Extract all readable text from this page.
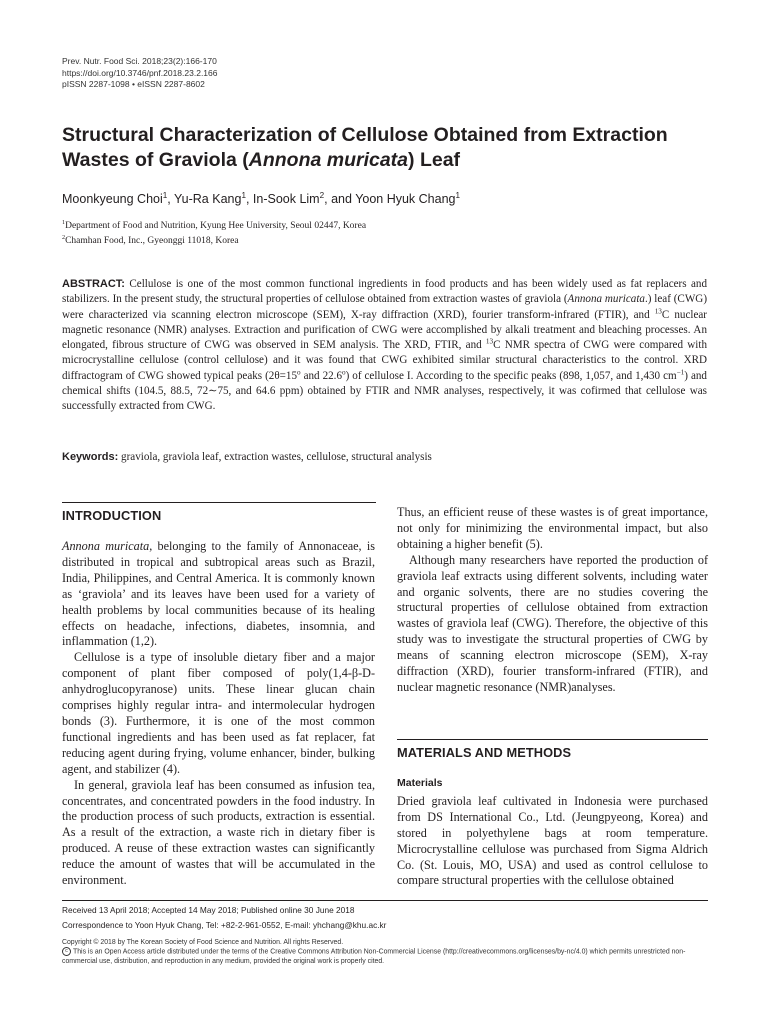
Prev. Nutr. Food Sci. 2018;23(2):166-170
https://doi.org/10.3746/pnf.2018.23.2.166
pISSN 2287-1098 • eISSN 2287-8602
Structural Characterization of Cellulose Obtained from Extraction
Wastes of Graviola (Annona muricata) Leaf
Moonkyeung Choi$^1$, Yu-Ra Kang$^1$, In-Sook Lim$^2$, and Yoon Hyuk Chang$^1$
$^1$Department of Food and Nutrition, Kyung Hee University, Seoul 02447, Korea
$^2$Chamhan Food, Inc., Gyeonggi 11018, Korea
ABSTRACT: Cellulose is one of the most common functional ingredients in food products and has been widely used as fat replacers and stabilizers. In the present study, the structural properties of cellulose obtained from extraction wastes of graviola (Annona muricata.) leaf (CWG) were characterized via scanning electron microscope (SEM), X-ray diffraction (XRD), fourier transform-infrared (FTIR), and $^{13}$C nuclear magnetic resonance (NMR) analyses. Extraction and purification of CWG were accomplished by alkali treatment and bleaching processes. An elongated, fibrous structure of CWG was observed in SEM analysis. The XRD, FTIR, and $^{13}$C NMR spectra of CWG were compared with microcrystalline cellulose (control cellulose) and it was found that CWG exhibited similar structural characteristics to the control. XRD diffractogram of CWG showed typical peaks ($2\theta=15^o$ and 22.6$^o$) of cellulose I. According to the specific peaks (898, 1,057, and 1,430 $cm^{-1}$) and chemical shifts (104.5, 88.5, 72∼75, and 64.6 ppm) obtained by FTIR and NMR analyses, respectively, it was cofirmed that cellulose was successfully extracted from CWG.
Keywords: graviola, graviola leaf, extraction wastes, cellulose, structural analysis
INTRODUCTION

Annona muricata, belonging to the family of Annonaceae, is distributed in tropical and subtropical areas such as Brazil, India, Philippines, and Central America. It is commonly known as ‘graviola’ and its leaves have been used for a variety of health problems by local communities because of its healing effects on headache, infections, diabetes, insomnia, and inflammation (1,2).

Cellulose is a type of insoluble dietary fiber and a major component of plant fiber composed of poly(1,4-β-D-anhydroglucopyranose) units. These linear glucan chain comprises highly regular intra- and intermolecular hydrogen bonds (3). Furthermore, it is one of the most common functional ingredients and has been used as fat replacer, fat reducing agent during frying, volume enhancer, binder, bulking agent, and stabilizer (4).

In general, graviola leaf has been consumed as infusion tea, concentrates, and concentrated powders in the food industry. In the production process of such products, extraction is essential. As a result of the extraction, a waste rich in dietary fiber is produced. A reuse of these extraction wastes can significantly reduce the amount of wastes that will be accumulated in the environment.

Thus, an efficient reuse of these wastes is of great importance, not only for minimizing the environmental impact, but also obtaining a higher benefit (5).

Although many researchers have reported the production of graviola leaf extracts using different solvents, including water and organic solvents, there are no studies covering the structural properties of cellulose obtained from extraction wastes of graviola leaf (CWG). Therefore, the objective of this study was to investigate the structural properties of CWG by means of scanning electron microscope (SEM), X-ray diffraction (XRD), fourier transform-infrared (FTIR), and nuclear magnetic resonance (NMR)analyses.

MATERIALS AND METHODS
Materials

Dried graviola leaf cultivated in Indonesia were purchased from DS International Co., Ltd. (Jeungpyeong, Korea) and stored in polyethylene bags at room temperature. Microcrystalline cellulose was purchased from Sigma Aldrich Co. (St. Louis, MO, USA) and used as control cellulose to compare structural properties with the cellulose obtained

Received 13 April 2018; Accepted 14 May 2018; Published online 30 June 2018
Correspondence to Yoon Hyuk Chang, Tel: +82-2-961-0552, E-mail: yhchang@khu.ac.kr
Copyright © 2018 by The Korean Society of Food Science and Nutrition. All rights Reserved.
c This is an Open Access article distributed under the terms of the Creative Commons Attribution Non-Commercial License (http://creativecommons.org/licenses/by-nc/4.0) which permits unrestricted non-commercial use, distribution, and reproduction in any medium, provided the original work is properly cited.
